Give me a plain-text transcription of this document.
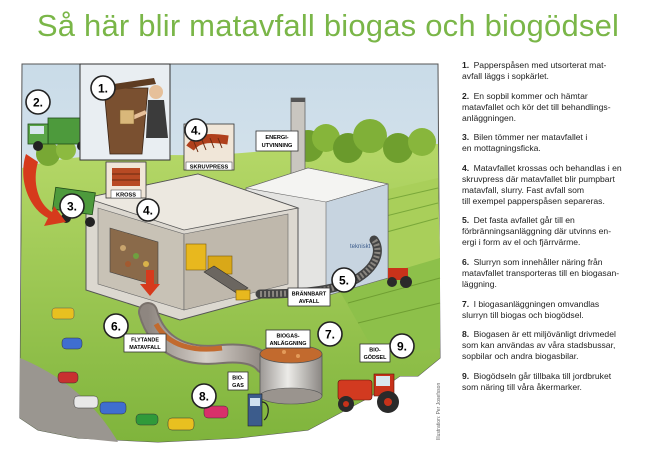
Så här blir matavfall biogas och biogödsel
tekniskt
ENERGI-
UTVINNING
KROSS
SKRUVPRESS
BRÄNNBART
AVFALL
FLYTANDE
MATAVFALL
BIOGAS-
ANLÄGGNING
BIO-
GAS
BIO-
GÖDSEL
1.
2.
3.	4.
4.
5.
6.
7.
8.
9.
Illustration: Per Josefsson
1. Papperspåsen med utsorterat mat-
avfall läggs i sopkärlet.
2. En sopbil kommer och hämtar
matavfallet och kör det till behandlings-
anläggningen.
3. Bilen tömmer ner matavfallet i
en mottagningsficka.
4. Matavfallet krossas och behandlas i en
skruvpress där matavfallet blir pumpbart
matavfall, slurry. Fast avfall som
till exempel papperspåsen separeras.
5. Det fasta avfallet går till en
förbränningsanläggning där utvinns en-
ergi i form av el och fjärrvärme.
6. Slurryn som innehåller näring från
matavfallet transporteras till en biogasan-
läggning.
7. I biogasanläggningen omvandlas
slurryn till biogas och biogödsel.
8. Biogasen är ett miljövänligt drivmedel
som kan användas av våra stadsbussar,
sopbilar och andra biogasbilar.
9. Biogödseln går tillbaka till jordbruket
som näring till våra åkermarker.
